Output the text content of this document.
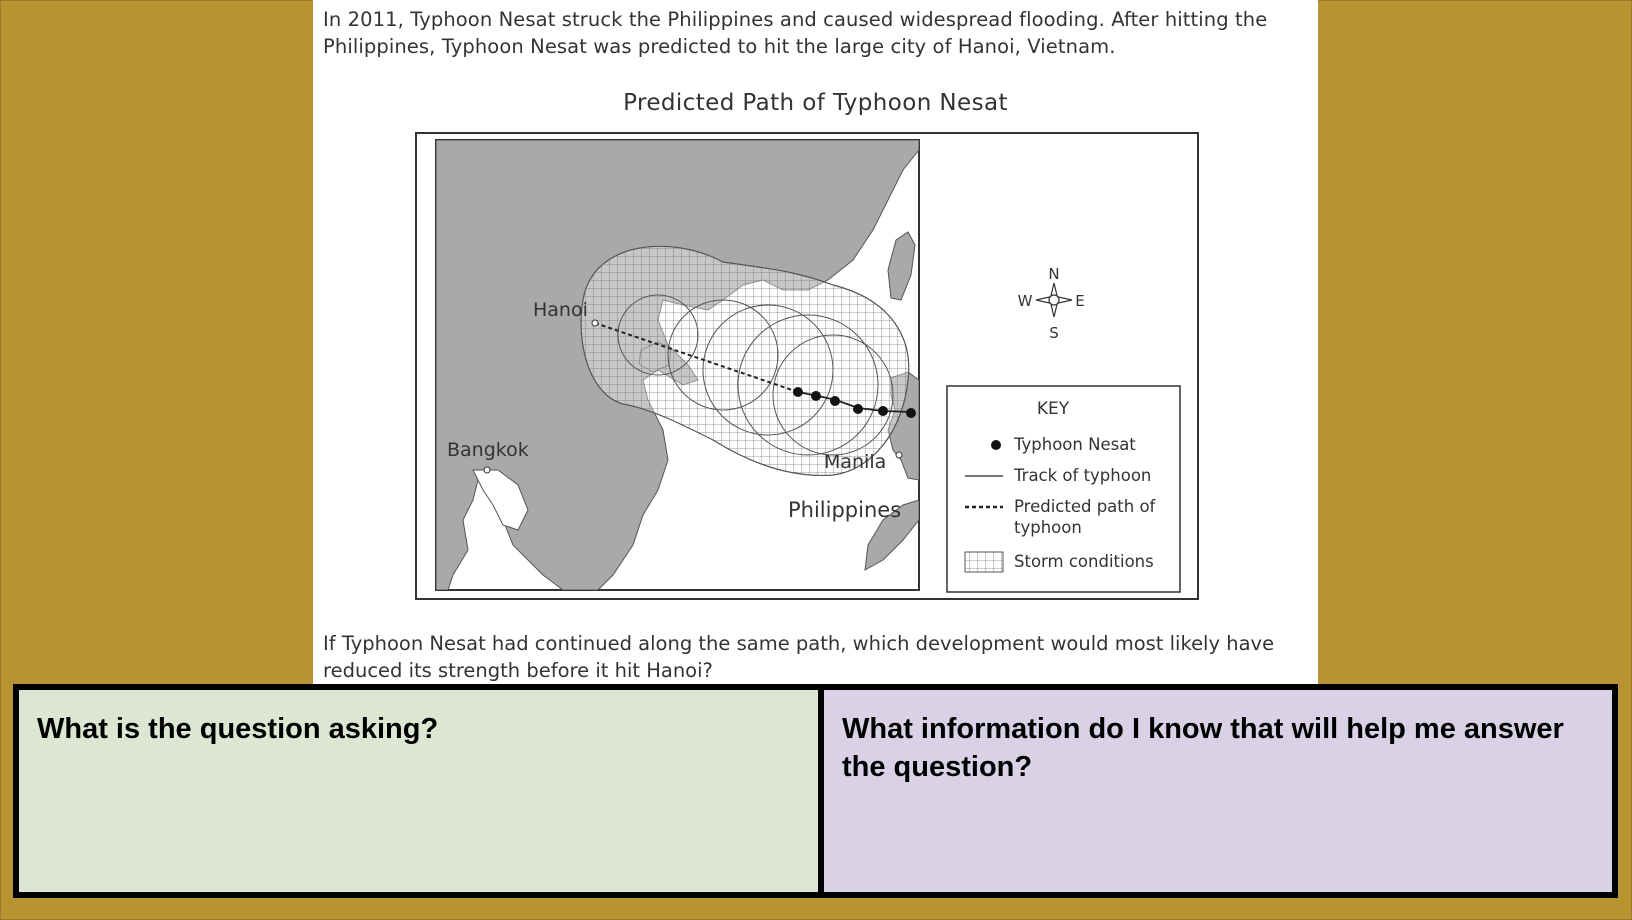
In 2011, Typhoon Nesat struck the Philippines and caused widespread flooding. After hitting the Philippines, Typhoon Nesat was predicted to hit the large city of Hanoi, Vietnam.
Predicted Path of Typhoon Nesat
Hanoi
Bangkok
Manila
Philippines
N
S
E
W
KEY
Typhoon Nesat
Track of typhoon
Predicted path of
typhoon
Storm conditions
If Typhoon Nesat had continued along the same path, which development would most likely have reduced its strength before it hit Hanoi?
What is the question asking?	What information do I know that will help me answer the question?
